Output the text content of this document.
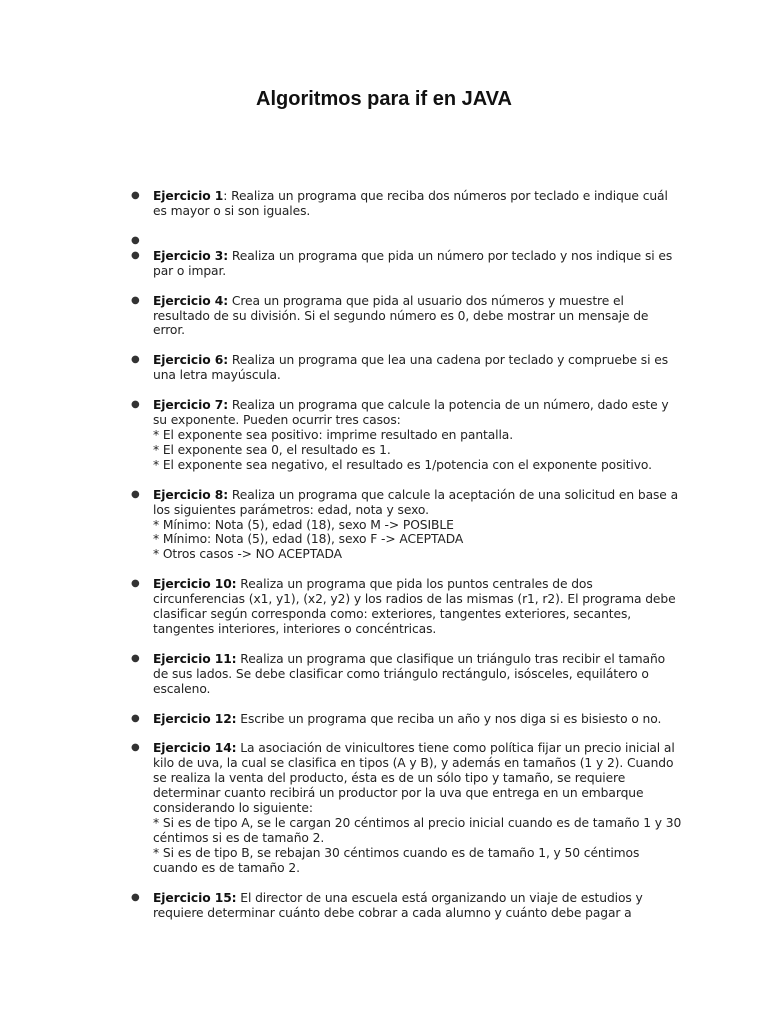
Algoritmos para if en JAVA
● Ejercicio 1: Realiza un programa que reciba dos números por teclado e indique cuál es mayor o si son iguales.
●
● Ejercicio 3: Realiza un programa que pida un número por teclado y nos indique si es par o impar.
● Ejercicio 4: Crea un programa que pida al usuario dos números y muestre el resultado de su división. Si el segundo número es 0, debe mostrar un mensaje de error.
● Ejercicio 6: Realiza un programa que lea una cadena por teclado y compruebe si es una letra mayúscula.
● Ejercicio 7: Realiza un programa que calcule la potencia de un número, dado este y su exponente. Pueden ocurrir tres casos:
* El exponente sea positivo: imprime resultado en pantalla.
* El exponente sea 0, el resultado es 1.
* El exponente sea negativo, el resultado es 1/potencia con el exponente positivo.
● Ejercicio 8: Realiza un programa que calcule la aceptación de una solicitud en base a los siguientes parámetros: edad, nota y sexo.
* Mínimo: Nota (5), edad (18), sexo M -> POSIBLE
* Mínimo: Nota (5), edad (18), sexo F -> ACEPTADA
* Otros casos -> NO ACEPTADA
● Ejercicio 10: Realiza un programa que pida los puntos centrales de dos circunferencias (x1, y1), (x2, y2) y los radios de las mismas (r1, r2). El programa debe clasificar según corresponda como: exteriores, tangentes exteriores, secantes, tangentes interiores, interiores o concéntricas.
● Ejercicio 11: Realiza un programa que clasifique un triángulo tras recibir el tamaño de sus lados. Se debe clasificar como triángulo rectángulo, isósceles, equilátero o escaleno.
● Ejercicio 12: Escribe un programa que reciba un año y nos diga si es bisiesto o no.
● Ejercicio 14: La asociación de vinicultores tiene como política fijar un precio inicial al kilo de uva, la cual se clasifica en tipos (A y B), y además en tamaños (1 y 2). Cuando se realiza la venta del producto, ésta es de un sólo tipo y tamaño, se requiere determinar cuanto recibirá un productor por la uva que entrega en un embarque considerando lo siguiente:
* Si es de tipo A, se le cargan 20 céntimos al precio inicial cuando es de tamaño 1 y 30 céntimos si es de tamaño 2.
* Si es de tipo B, se rebajan 30 céntimos cuando es de tamaño 1, y 50 céntimos cuando es de tamaño 2.
● Ejercicio 15: El director de una escuela está organizando un viaje de estudios y requiere determinar cuánto debe cobrar a cada alumno y cuánto debe pagar a
